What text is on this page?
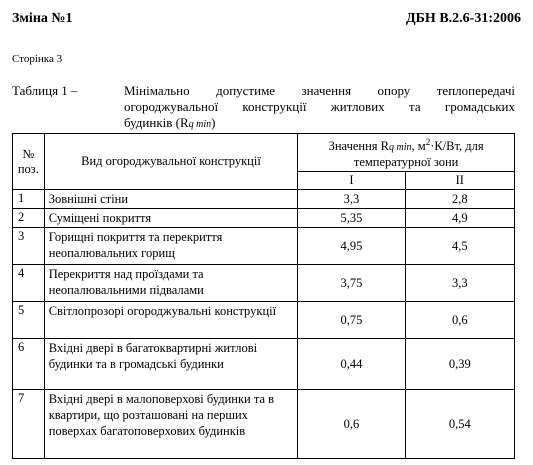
Зміна №1	ДБН В.2.6-31:2006
Сторінка 3
Таблиця 1 –	Мінімально допустиме значення опору теплопередачі огороджувальної конструкції житлових та громадських
будинків (Rq min)
№ поз.	Вид огороджувальної конструкції	Значення Rq min, $м^2\cdot К/Вт$, для температурної зони	
		I	II
1	Зовнішні стіни	3,3	2,8
2	Суміщені покриття	5,35	4,9
3	Горищні покриття та перекриття неопалювальних горищ	4,95	4,5
4	Перекриття над проїздами та неопалювальними підвалами	3,75	3,3
5	Світлопрозорі огороджувальні конструкції	0,75	0,6
6	Вхідні двері в багатоквартирні житлові будинки та в громадські будинки	0,44	0,39
7	Вхідні двері в малоповерхові будинки та в квартири, що розташовані на перших поверхах багатоповерхових будинків	0,6	0,54
